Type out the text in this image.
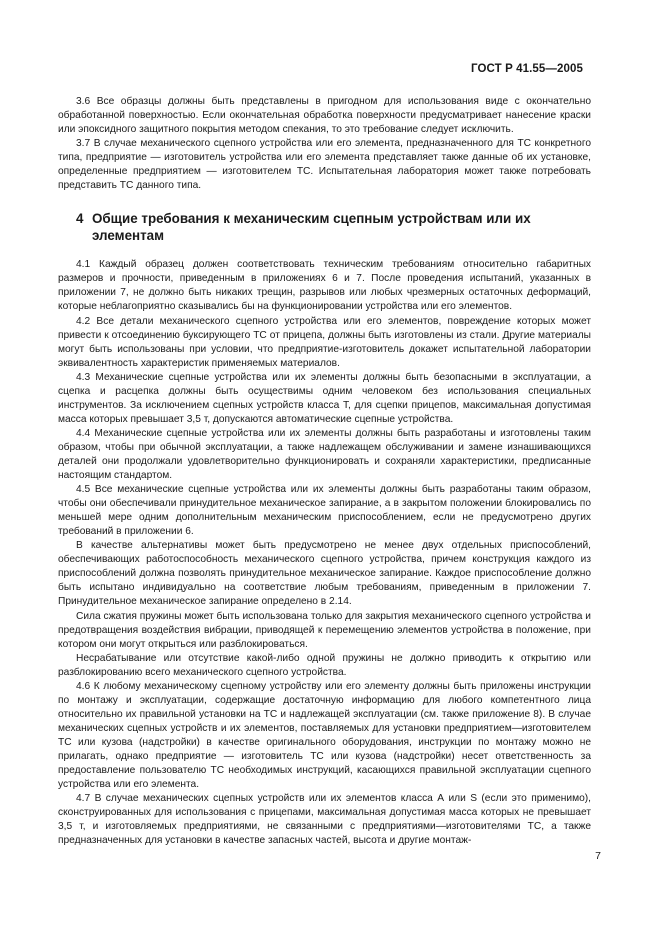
ГОСТ Р 41.55—2005

3.6 Все образцы должны быть представлены в пригодном для использования виде с окончательно обработанной поверхностью. Если окончательная обработка поверхности предусматривает нанесение краски или эпоксидного защитного покрытия методом спекания, то это требование следует исключить.

3.7 В случае механического сцепного устройства или его элемента, предназначенного для ТС конкретного типа, предприятие — изготовитель устройства или его элемента представляет также данные об их установке, определенные предприятием — изготовителем ТС. Испытательная лаборатория может также потребовать представить ТС данного типа.

4 Общие требования к механическим сцепным устройствам или их элементам

4.1 Каждый образец должен соответствовать техническим требованиям относительно габаритных размеров и прочности, приведенным в приложениях 6 и 7. После проведения испытаний, указанных в приложении 7, не должно быть никаких трещин, разрывов или любых чрезмерных остаточных деформаций, которые неблагоприятно сказывались бы на функционировании устройства или его элементов.

4.2 Все детали механического сцепного устройства или его элементов, повреждение которых может привести к отсоединению буксирующего ТС от прицепа, должны быть изготовлены из стали. Другие материалы могут быть использованы при условии, что предприятие-изготовитель докажет испытательной лаборатории эквивалентность характеристик применяемых материалов.

4.3 Механические сцепные устройства или их элементы должны быть безопасными в эксплуатации, а сцепка и расцепка должны быть осуществимы одним человеком без использования специальных инструментов. За исключением сцепных устройств класса Т, для сцепки прицепов, максимальная допустимая масса которых превышает 3,5 т, допускаются автоматические сцепные устройства.

4.4 Механические сцепные устройства или их элементы должны быть разработаны и изготовлены таким образом, чтобы при обычной эксплуатации, а также надлежащем обслуживании и замене изнашивающихся деталей они продолжали удовлетворительно функционировать и сохраняли характеристики, предписанные настоящим стандартом.

4.5 Все механические сцепные устройства или их элементы должны быть разработаны таким образом, чтобы они обеспечивали принудительное механическое запирание, а в закрытом положении блокировались по меньшей мере одним дополнительным механическим приспособлением, если не предусмотрено других требований в приложении 6.

В качестве альтернативы может быть предусмотрено не менее двух отдельных приспособлений, обеспечивающих работоспособность механического сцепного устройства, причем конструкция каждого из приспособлений должна позволять принудительное механическое запирание. Каждое приспособление должно быть испытано индивидуально на соответствие любым требованиям, приведенным в приложении 7. Принудительное механическое запирание определено в 2.14.

Сила сжатия пружины может быть использована только для закрытия механического сцепного устройства и предотвращения воздействия вибрации, приводящей к перемещению элементов устройства в положение, при котором они могут открыться или разблокироваться.

Несрабатывание или отсутствие какой-либо одной пружины не должно приводить к открытию или разблокированию всего механического сцепного устройства.

4.6 К любому механическому сцепному устройству или его элементу должны быть приложены инструкции по монтажу и эксплуатации, содержащие достаточную информацию для любого компетентного лица относительно их правильной установки на ТС и надлежащей эксплуатации (см. также приложение 8). В случае механических сцепных устройств и их элементов, поставляемых для установки предприятием—изготовителем ТС или кузова (надстройки) в качестве оригинального оборудования, инструкции по монтажу можно не прилагать, однако предприятие — изготовитель ТС или кузова (надстройки) несет ответственность за предоставление пользователю ТС необходимых инструкций, касающихся правильной эксплуатации сцепного устройства или его элемента.

4.7 В случае механических сцепных устройств или их элементов класса А или S (если это применимо), сконструированных для использования с прицепами, максимальная допустимая масса которых не превышает 3,5 т, и изготовляемых предприятиями, не связанными с предприятиями—изготовителями ТС, а также предназначенных для установки в качестве запасных частей, высота и другие монтаж-

7
